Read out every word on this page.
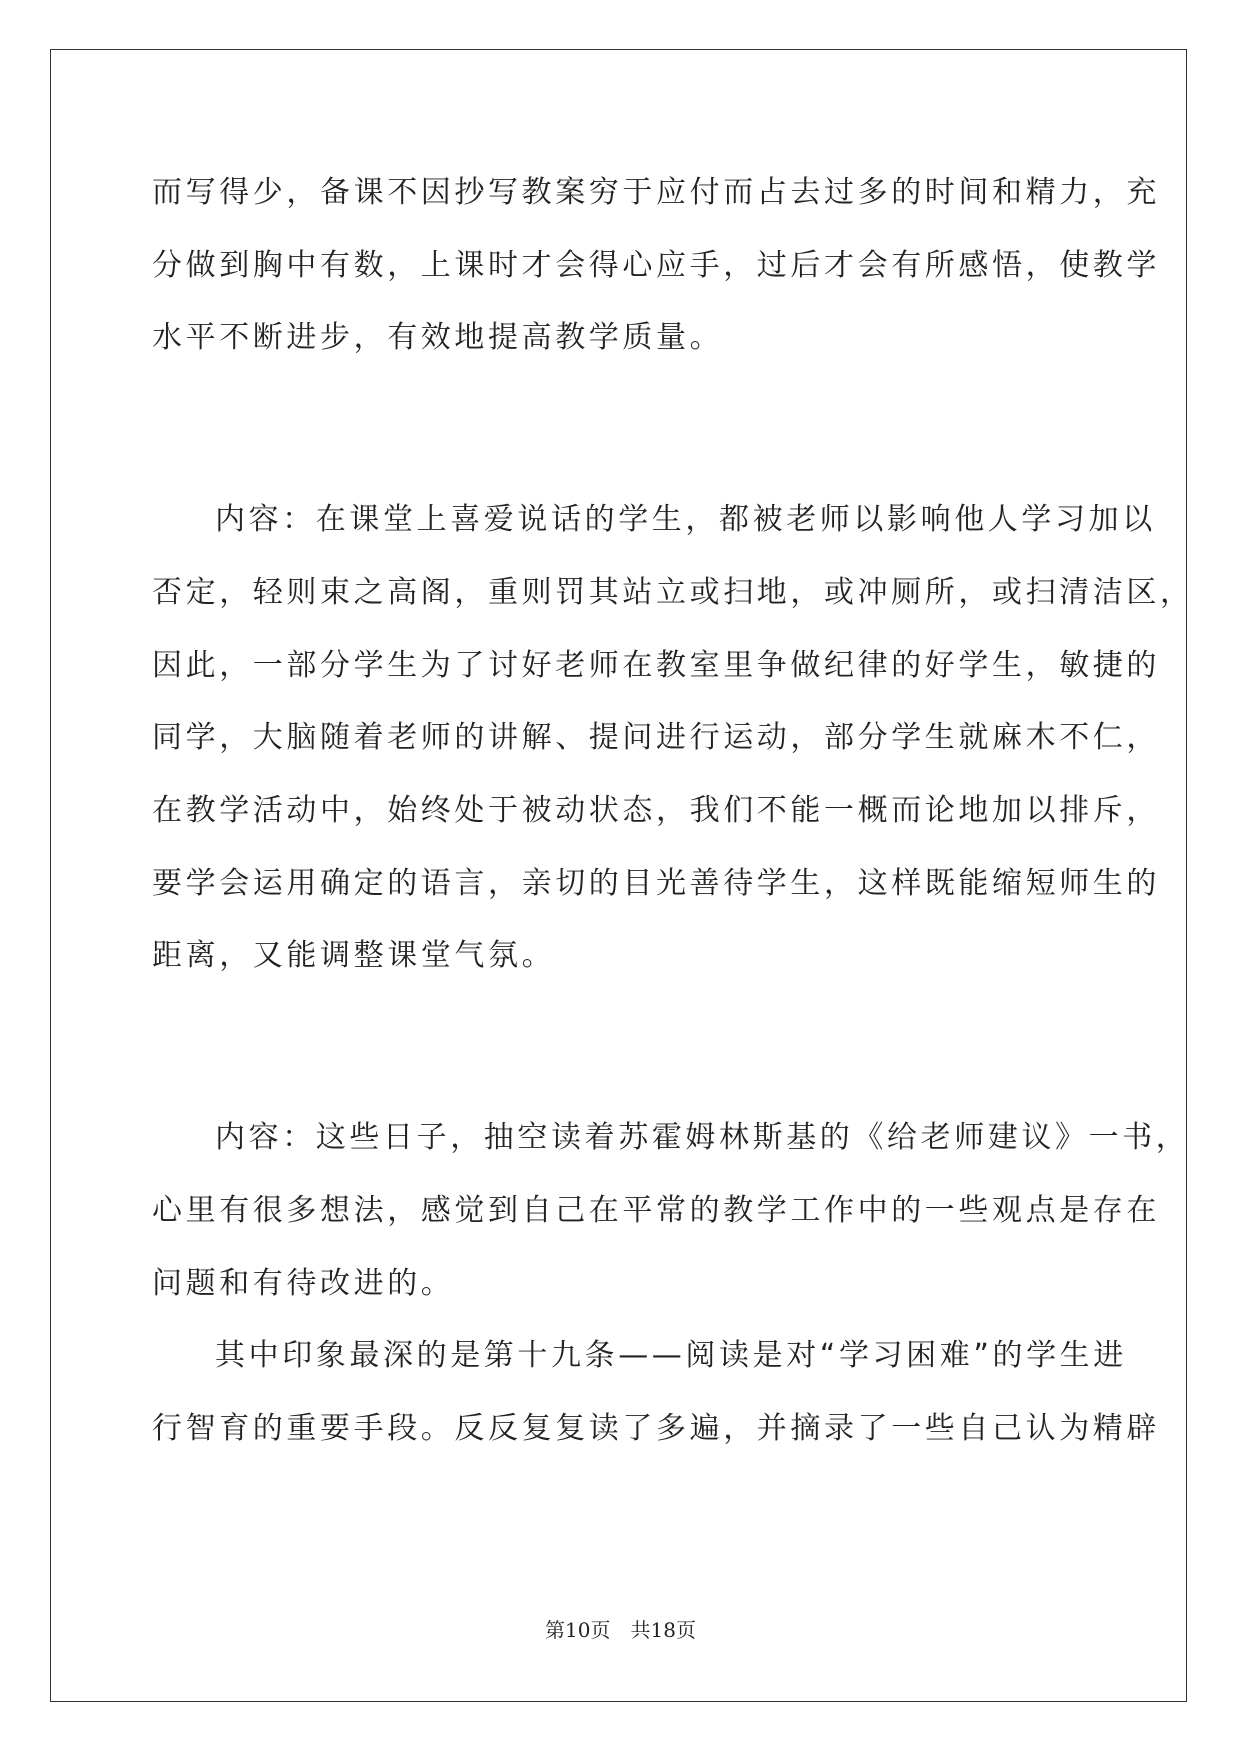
而写得少，备课不因抄写教案穷于应付而占去过多的时间和精力，充
分做到胸中有数，上课时才会得心应手，过后才会有所感悟，使教学
水平不断进步，有效地提高教学质量。
内容：在课堂上喜爱说话的学生，都被老师以影响他人学习加以
否定，轻则束之高阁，重则罚其站立或扫地，或冲厕所，或扫清洁区，
因此，一部分学生为了讨好老师在教室里争做纪律的好学生，敏捷的
同学，大脑随着老师的讲解、提问进行运动，部分学生就麻木不仁，
在教学活动中，始终处于被动状态，我们不能一概而论地加以排斥，
要学会运用确定的语言，亲切的目光善待学生，这样既能缩短师生的
距离，又能调整课堂气氛。
内容：这些日子，抽空读着苏霍姆林斯基的《给老师建议》一书，
心里有很多想法，感觉到自己在平常的教学工作中的一些观点是存在
问题和有待改进的。
其中印象最深的是第十九条——阅读是对“学习困难”的学生进
行智育的重要手段。反反复复读了多遍，并摘录了一些自己认为精辟
第10页　共18页
